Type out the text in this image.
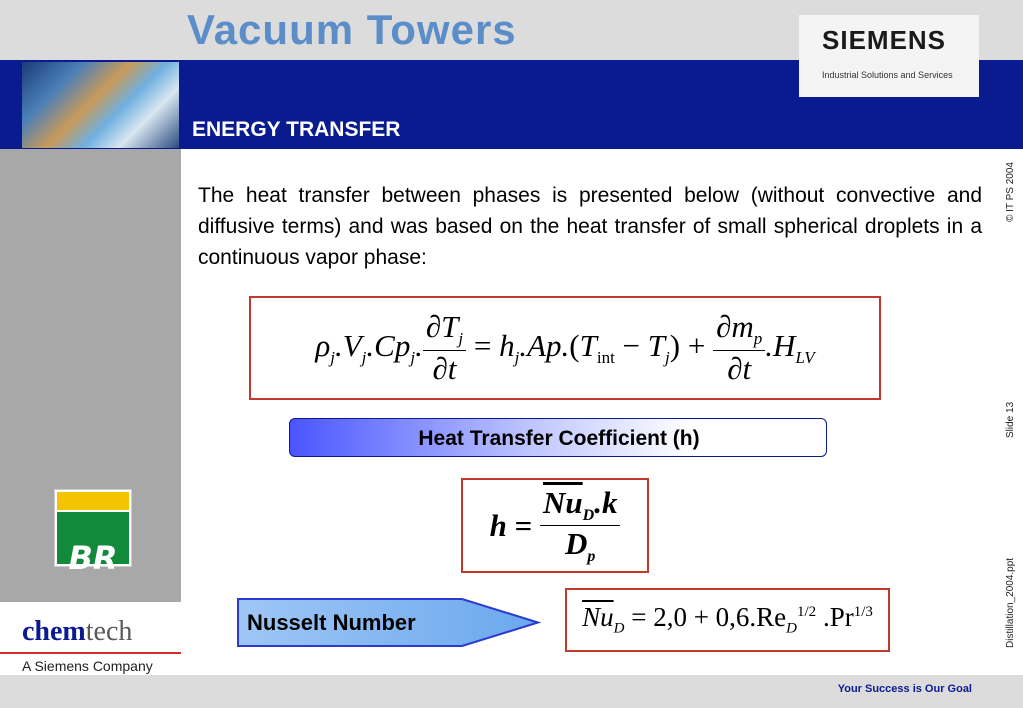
Vacuum Towers
ENERGY TRANSFER
SIEMENS
Industrial Solutions and Services
BR
chemtech
A Siemens Company
Your Success is Our Goal
© IT PS 2004
Slide 13
Distillation_2004.ppt
The heat transfer between phases is presented below (without convective and diffusive terms) and was based on the heat transfer of small spherical droplets in a continuous vapor phase:
$\rho_j.V_j.Cp_j$. $\frac{\partial T_j}{\partial t} = h_j.Ap.(T_{int} - T_j) + \frac{\partial m_p}{\partial t} .H_{LV}$
Heat Transfer Coefficient (h)
$h = \frac{\overline{Nu}_D.k}{D_p}$
Nusselt Number	$\overline{Nu}_D = 2,0 + 0,6.Re_D^{1/2}$ $.Pr^{1/3}$
